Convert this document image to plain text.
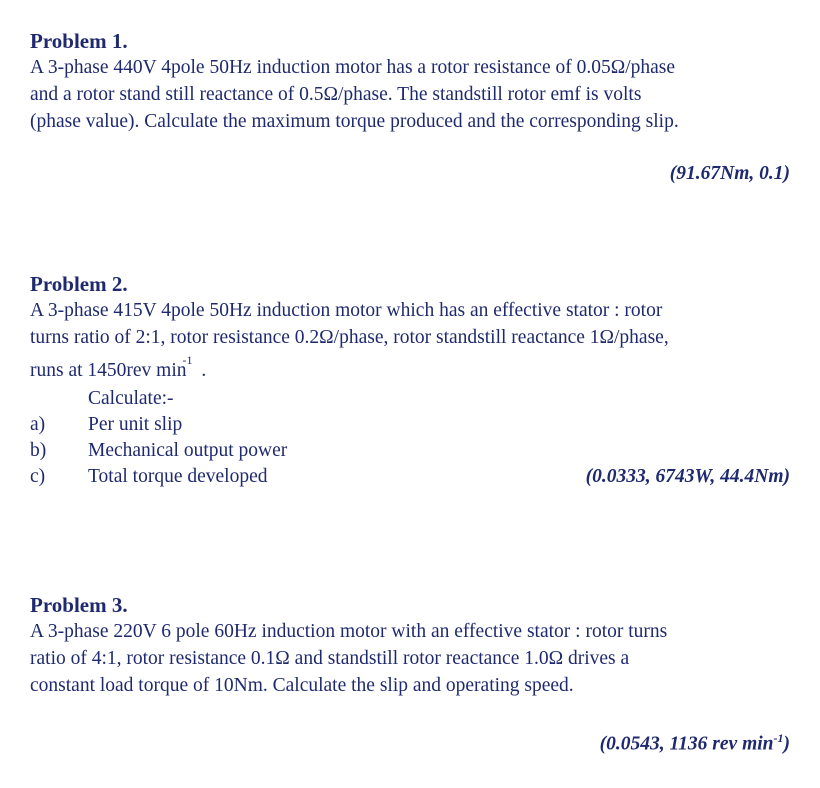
Problem 1.

A 3-phase 440V 4pole 50Hz induction motor has a rotor resistance of 0.05Ω/phase

and a rotor stand still reactance of 0.5Ω/phase. The standstill rotor emf is volts

(phase value). Calculate the maximum torque produced and the corresponding slip.

(91.67Nm, 0.1)

Problem 2.

A 3-phase 415V 4pole 50Hz induction motor which has an effective stator : rotor

turns ratio of 2:1, rotor resistance 0.2Ω/phase, rotor standstill reactance 1Ω/phase,

runs at 1450rev $\min^{-1}$ .

Calculate:-
a)	Per unit slip
b)	Mechanical output power
c)	Total torque developed	(0.0333, 6743W, 44.4Nm)
Problem 3.

A 3-phase 220V 6 pole 60Hz induction motor with an effective stator : rotor turns

ratio of 4:1, rotor resistance 0.1Ω and standstill rotor reactance 1.0Ω drives a

constant load torque of 10Nm. Calculate the slip and operating speed.

(0.0543, 1136 rev $\min^{-1}$)
